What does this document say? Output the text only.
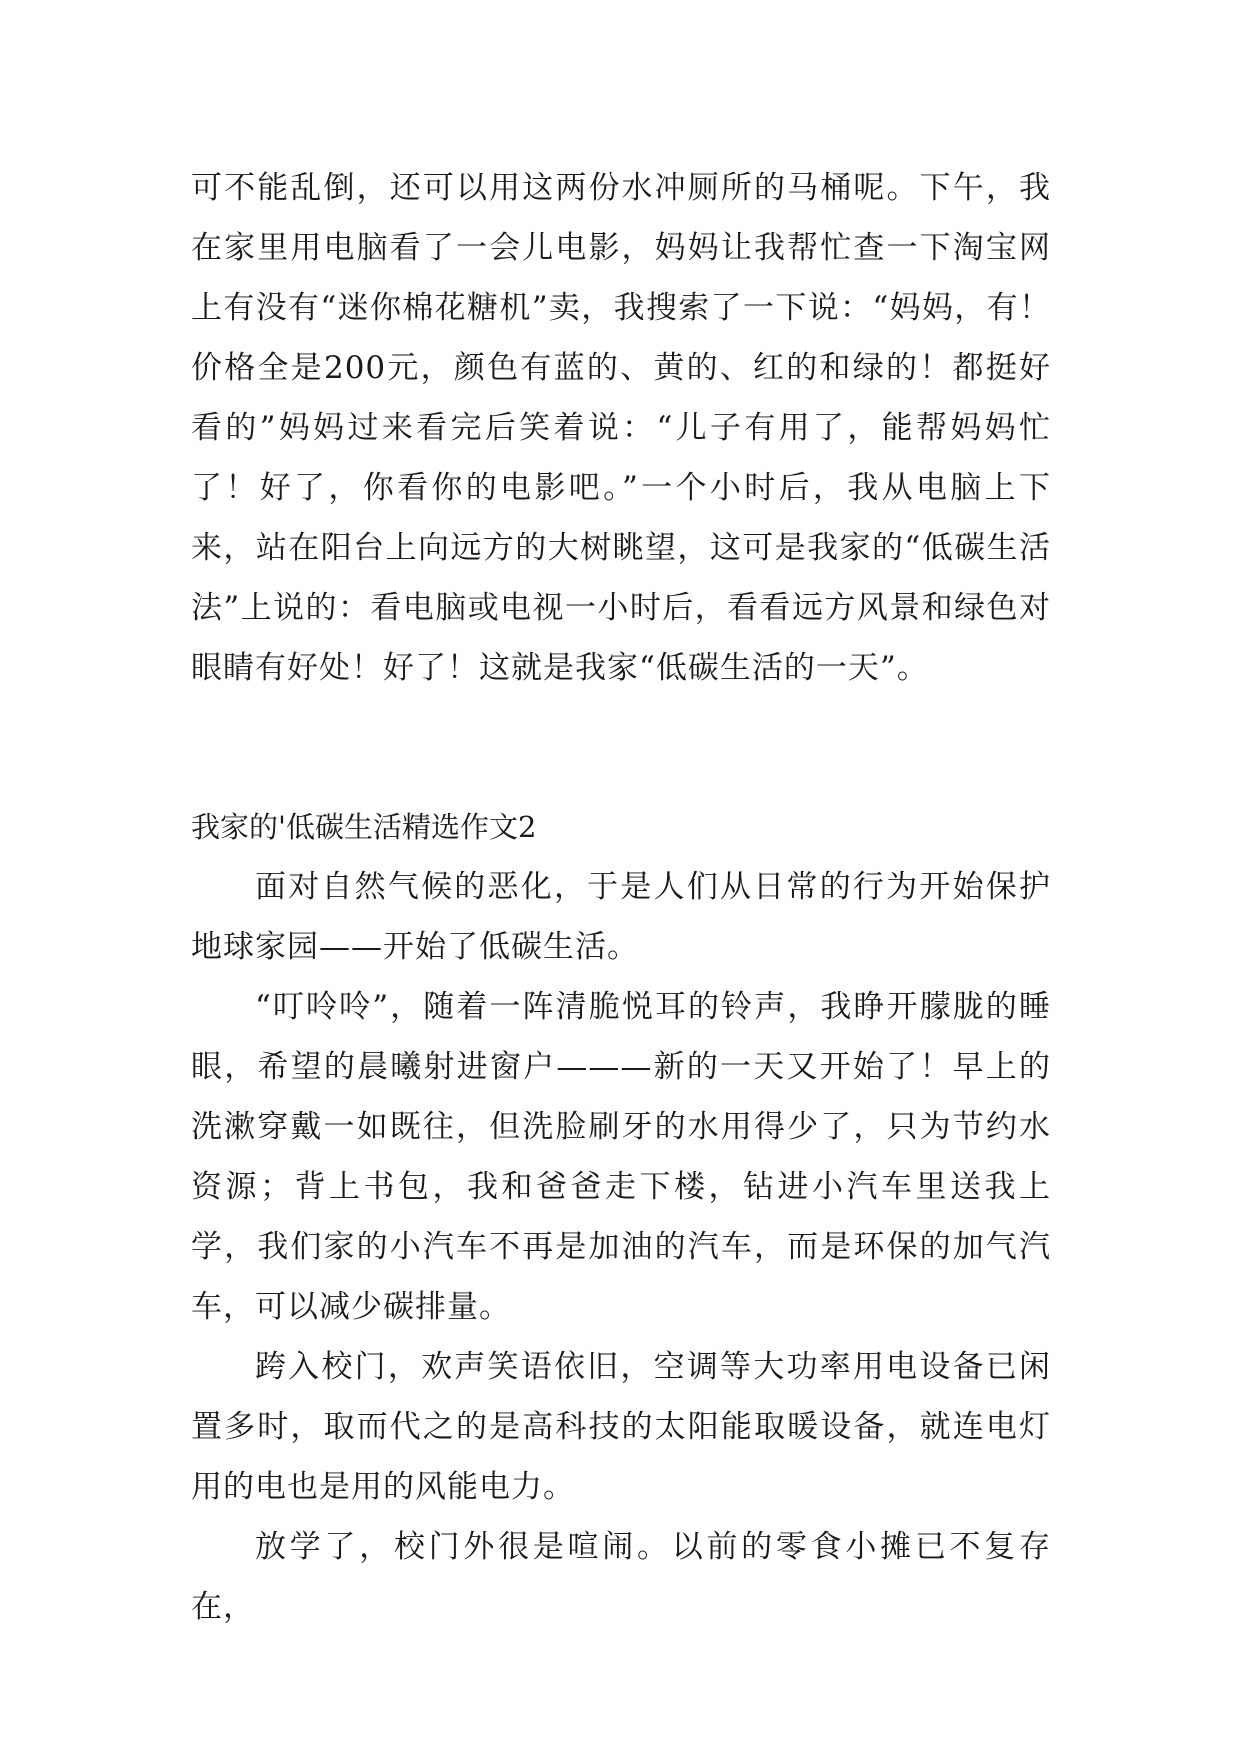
可不能乱倒，还可以用这两份水冲厕所的马桶呢。下午，我在家里用电脑看了一会儿电影，妈妈让我帮忙查一下淘宝网上有没有“迷你棉花糖机”卖，我搜索了一下说：“妈妈，有！价格全是200元，颜色有蓝的、黄的、红的和绿的！都挺好看的”妈妈过来看完后笑着说：“儿子有用了，能帮妈妈忙了！好了，你看你的电影吧。”一个小时后，我从电脑上下来，站在阳台上向远方的大树眺望，这可是我家的“低碳生活法”上说的：看电脑或电视一小时后，看看远方风景和绿色对眼睛有好处！好了！这就是我家“低碳生活的一天”。

我家的'低碳生活精选作文2

面对自然气候的恶化，于是人们从日常的行为开始保护地球家园——开始了低碳生活。

“叮呤呤”，随着一阵清脆悦耳的铃声，我睁开朦胧的睡眼，希望的晨曦射进窗户———新的一天又开始了！早上的洗漱穿戴一如既往，但洗脸刷牙的水用得少了，只为节约水资源；背上书包，我和爸爸走下楼，钻进小汽车里送我上学，我们家的小汽车不再是加油的汽车，而是环保的加气汽车，可以减少碳排量。

跨入校门，欢声笑语依旧，空调等大功率用电设备已闲置多时，取而代之的是高科技的太阳能取暖设备，就连电灯用的电也是用的风能电力。

放学了，校门外很是喧闹。以前的零食小摊已不复存在，
